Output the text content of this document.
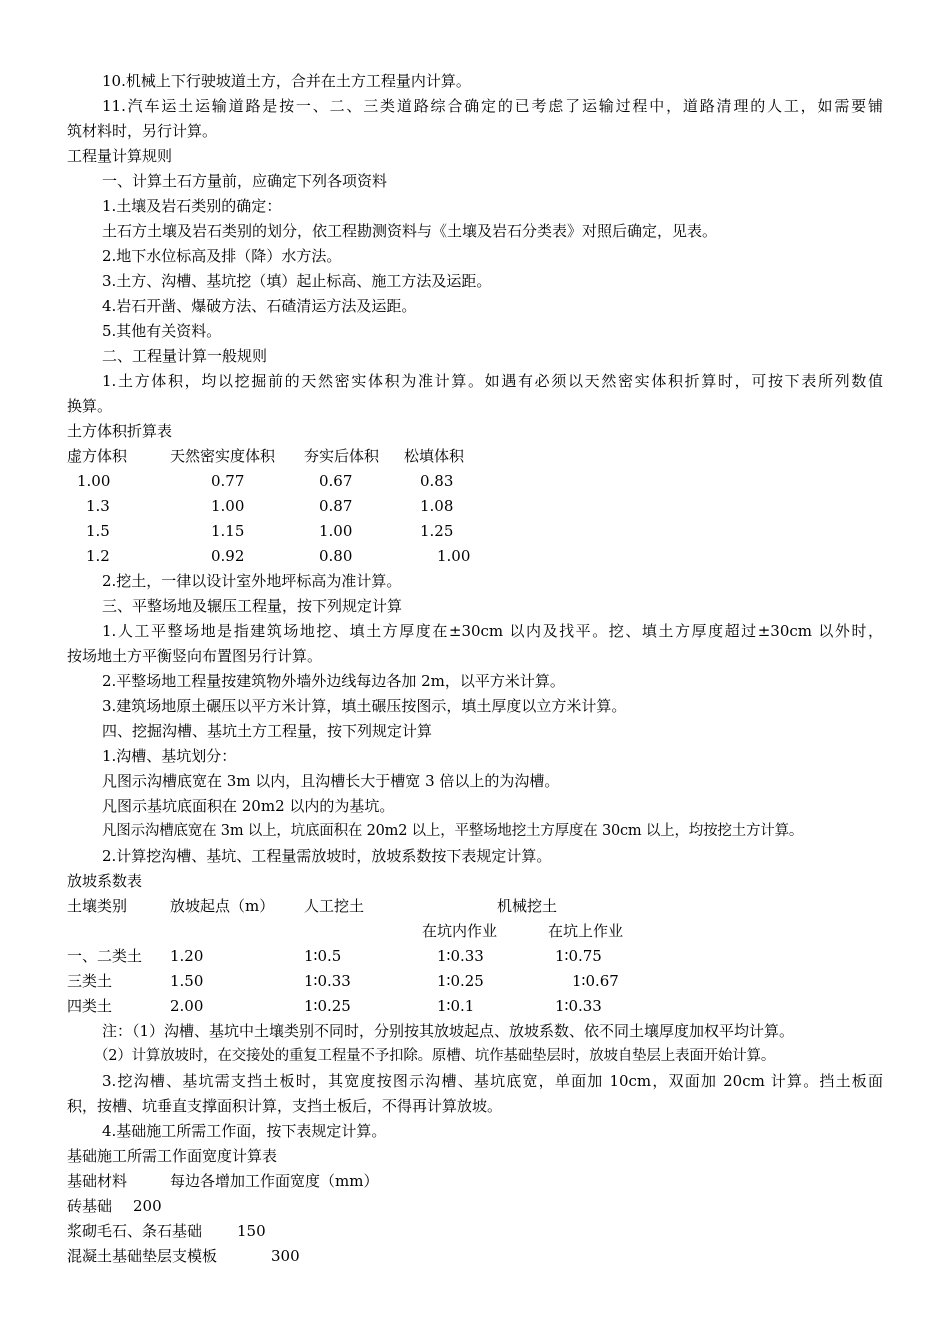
10.机械上下行驶坡道土方，合并在土方工程量内计算。
11.汽车运土运输道路是按一、二、三类道路综合确定的已考虑了运输过程中，道路清理的人工，如需要铺
筑材料时，另行计算。
工程量计算规则
一、计算土石方量前，应确定下列各项资料
1.土壤及岩石类别的确定：
土石方土壤及岩石类别的划分，依工程勘测资料与《土壤及岩石分类表》对照后确定，见表。
2.地下水位标高及排（降）水方法。
3.土方、沟槽、基坑挖（填）起止标高、施工方法及运距。
4.岩石开凿、爆破方法、石碴清运方法及运距。
5.其他有关资料。
二、工程量计算一般规则
1.土方体积，均以挖掘前的天然密实体积为准计算。如遇有必须以天然密实体积折算时，可按下表所列数值
换算。
土方体积折算表
虚方体积	天然密实度体积 夯实后体积 松填体积
1.00	0.77	0.67	0.83
1.3	1.00	0.87	1.08
1.5	1.15	1.00	1.25
1.2	0.92	0.80	1.00
2.挖土，一律以设计室外地坪标高为准计算。
三、平整场地及辗压工程量，按下列规定计算
1.人工平整场地是指建筑场地挖、填土方厚度在±30cm 以内及找平。挖、填土方厚度超过±30cm 以外时，
按场地土方平衡竖向布置图另行计算。
2.平整场地工程量按建筑物外墙外边线每边各加 2m，以平方米计算。
3.建筑场地原土碾压以平方米计算，填土碾压按图示，填土厚度以立方米计算。
四、挖掘沟槽、基坑土方工程量，按下列规定计算
1.沟槽、基坑划分：
凡图示沟槽底宽在 3m 以内，且沟槽长大于槽宽 3 倍以上的为沟槽。
凡图示基坑底面积在 20m2 以内的为基坑。
凡图示沟槽底宽在 3m 以上，坑底面积在 20m2 以上，平整场地挖土方厚度在 30cm 以上，均按挖土方计算。
2.计算挖沟槽、基坑、工程量需放坡时，放坡系数按下表规定计算。
放坡系数表
土壤类别	放坡起点（m） 人工挖土	机械挖土
在坑内作业	在坑上作业
一、二类土 1.20	1∶0.5	1∶0.33	1∶0.75
三类土	1.50	1∶0.33	1∶0.25	1∶0.67
四类土	2.00	1∶0.25	1∶0.1	1∶0.33
注：（1）沟槽、基坑中土壤类别不同时，分别按其放坡起点、放坡系数、依不同土壤厚度加权平均计算。
（2）计算放坡时，在交接处的重复工程量不予扣除。原槽、坑作基础垫层时，放坡自垫层上表面开始计算。
3.挖沟槽、基坑需支挡土板时，其宽度按图示沟槽、基坑底宽，单面加 10cm，双面加 20cm 计算。挡土板面
积，按槽、坑垂直支撑面积计算，支挡土板后，不得再计算放坡。
4.基础施工所需工作面，按下表规定计算。
基础施工所需工作面宽度计算表
基础材料	每边各增加工作面宽度（mm）
砖基础 200
浆砌毛石、条石基础 150
混凝土基础垫层支模板	300
